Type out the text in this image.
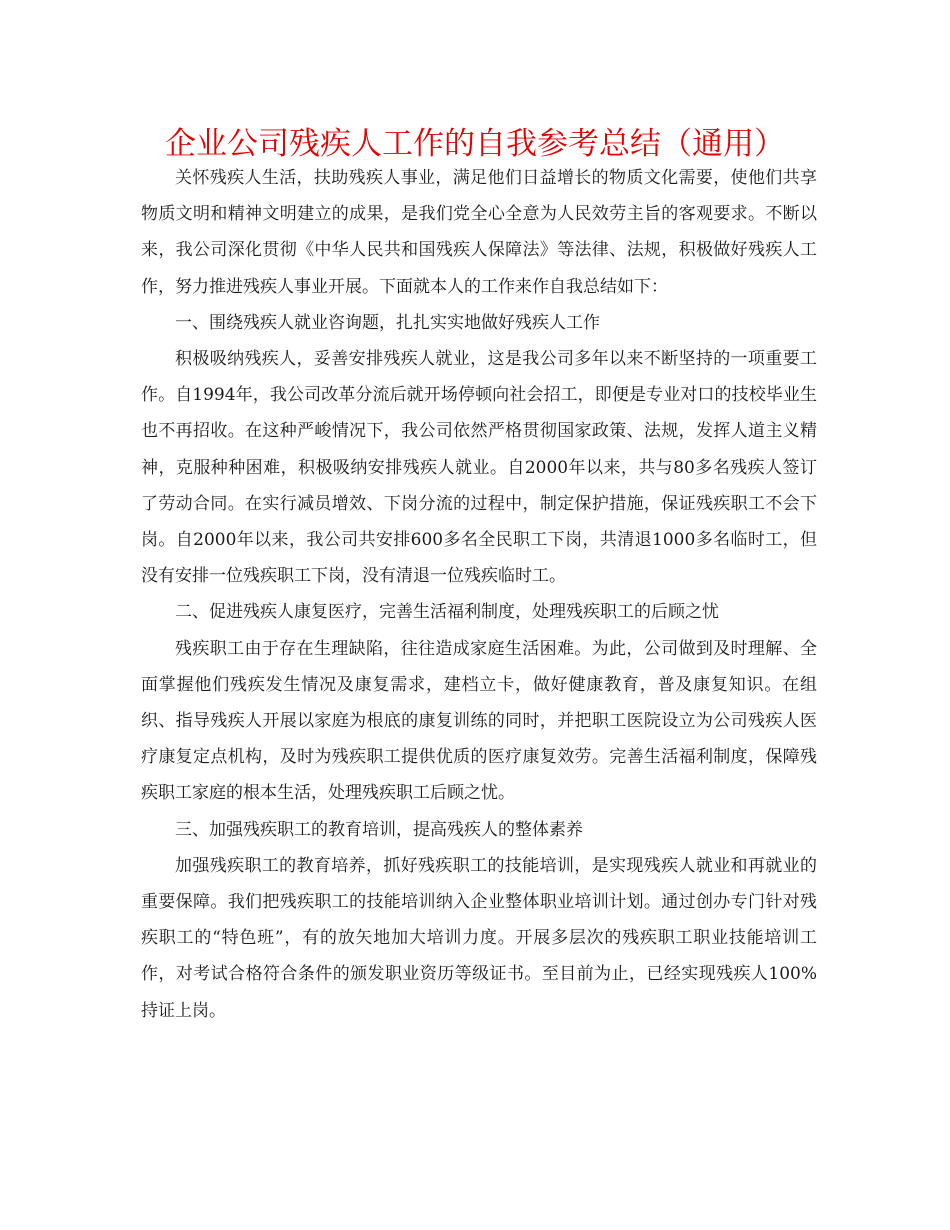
企业公司残疾人工作的自我参考总结（通用）

关怀残疾人生活，扶助残疾人事业，满足他们日益增长的物质文化需要，使他们共享物质文明和精神文明建立的成果，是我们党全心全意为人民效劳主旨的客观要求。不断以来，我公司深化贯彻《中华人民共和国残疾人保障法》等法律、法规，积极做好残疾人工作，努力推进残疾人事业开展。下面就本人的工作来作自我总结如下：

一、围绕残疾人就业咨询题，扎扎实实地做好残疾人工作

积极吸纳残疾人，妥善安排残疾人就业，这是我公司多年以来不断坚持的一项重要工作。自1994年，我公司改革分流后就开场停顿向社会招工，即便是专业对口的技校毕业生也不再招收。在这种严峻情况下，我公司依然严格贯彻国家政策、法规，发挥人道主义精神，克服种种困难，积极吸纳安排残疾人就业。自2000年以来，共与80多名残疾人签订了劳动合同。在实行减员增效、下岗分流的过程中，制定保护措施，保证残疾职工不会下岗。自2000年以来，我公司共安排600多名全民职工下岗，共清退1000多名临时工，但没有安排一位残疾职工下岗，没有清退一位残疾临时工。

二、促进残疾人康复医疗，完善生活福利制度，处理残疾职工的后顾之忧

残疾职工由于存在生理缺陷，往往造成家庭生活困难。为此，公司做到及时理解、全面掌握他们残疾发生情况及康复需求，建档立卡，做好健康教育，普及康复知识。在组织、指导残疾人开展以家庭为根底的康复训练的同时，并把职工医院设立为公司残疾人医疗康复定点机构，及时为残疾职工提供优质的医疗康复效劳。完善生活福利制度，保障残疾职工家庭的根本生活，处理残疾职工后顾之忧。

三、加强残疾职工的教育培训，提高残疾人的整体素养

加强残疾职工的教育培养，抓好残疾职工的技能培训，是实现残疾人就业和再就业的重要保障。我们把残疾职工的技能培训纳入企业整体职业培训计划。通过创办专门针对残疾职工的“特色班”，有的放矢地加大培训力度。开展多层次的残疾职工职业技能培训工作，对考试合格符合条件的颁发职业资历等级证书。至目前为止，已经实现残疾人100%持证上岗。
